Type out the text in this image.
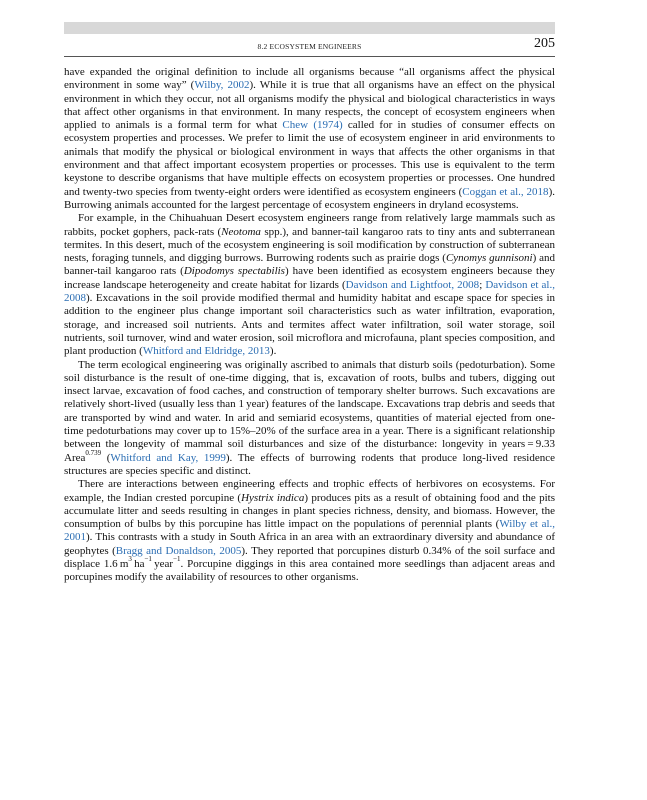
8.2 ECOSYSTEM ENGINEERS	205

have expanded the original definition to include all organisms because “all organisms affect the physical environment in some way” (Wilby, 2002). While it is true that all organisms have an effect on the physical environment in which they occur, not all organisms modify the physical and biological characteristics in ways that affect other organisms in that environment. In many respects, the concept of ecosystem engineers when applied to animals is a formal term for what Chew (1974) called for in studies of consumer effects on ecosystem properties and processes. We prefer to limit the use of ecosystem engineer in arid environments to animals that modify the physical or biological environment in ways that affects the other organisms in that environment and that affect important ecosystem properties or processes. This use is equivalent to the term keystone to describe organisms that have multiple effects on ecosystem properties or processes. One hundred and twenty-two species from twenty-eight orders were identified as ecosystem engineers (Coggan et al., 2018). Burrowing animals accounted for the largest percentage of ecosystem engineers in dryland ecosystems.

For example, in the Chihuahuan Desert ecosystem engineers range from relatively large mammals such as rabbits, pocket gophers, pack-rats (Neotoma spp.), and banner-tail kangaroo rats to tiny ants and subterranean termites. In this desert, much of the ecosystem engineering is soil modification by construction of subterranean nests, foraging tunnels, and digging burrows. Burrowing rodents such as prairie dogs (Cynomys gunnisoni) and banner-tail kangaroo rats (Dipodomys spectabilis) have been identified as ecosystem engineers because they increase landscape heterogeneity and create habitat for lizards (Davidson and Lightfoot, 2008; Davidson et al., 2008). Excavations in the soil provide modified thermal and humidity habitat and escape space for species in addition to the engineer plus change important soil characteristics such as water infiltration, evaporation, storage, and increased soil nutrients. Ants and termites affect water infiltration, soil water storage, soil nutrients, soil turnover, wind and water erosion, soil microflora and microfauna, plant species composition, and plant production (Whitford and Eldridge, 2013).

The term ecological engineering was originally ascribed to animals that disturb soils (pedoturbation). Some soil disturbance is the result of one-time digging, that is, excavation of roots, bulbs and tubers, digging out insect larvae, excavation of food caches, and construction of temporary shelter burrows. Such excavations are relatively short-lived (usually less than 1 year) features of the landscape. Excavations trap debris and seeds that are transported by wind and water. In arid and semiarid ecosystems, quantities of material ejected from one-time pedoturbations may cover up to 15%–20% of the surface area in a year. There is a significant relationship between the longevity of mammal soil disturbances and size of the disturbance: longevity in years = 9.33 Area$^{0.739}$ (Whitford and Kay, 1999). The effects of burrowing rodents that produce long-lived residence structures are species specific and distinct.

There are interactions between engineering effects and trophic effects of herbivores on ecosystems. For example, the Indian crested porcupine (Hystrix indica) produces pits as a result of obtaining food and the pits accumulate litter and seeds resulting in changes in plant species richness, density, and biomass. However, the consumption of bulbs by this porcupine has little impact on the populations of perennial plants (Wilby et al., 2001). This contrasts with a study in South Africa in an area with an extraordinary diversity and abundance of geophytes (Bragg and Donaldson, 2005). They reported that porcupines disturb 0.34% of the soil surface and displace 1.6 $m^3$ $ha^{-1}$ year$^{-1}$. Porcupine diggings in this area contained more seedlings than adjacent areas and porcupines modify the availability of resources to other organisms.
